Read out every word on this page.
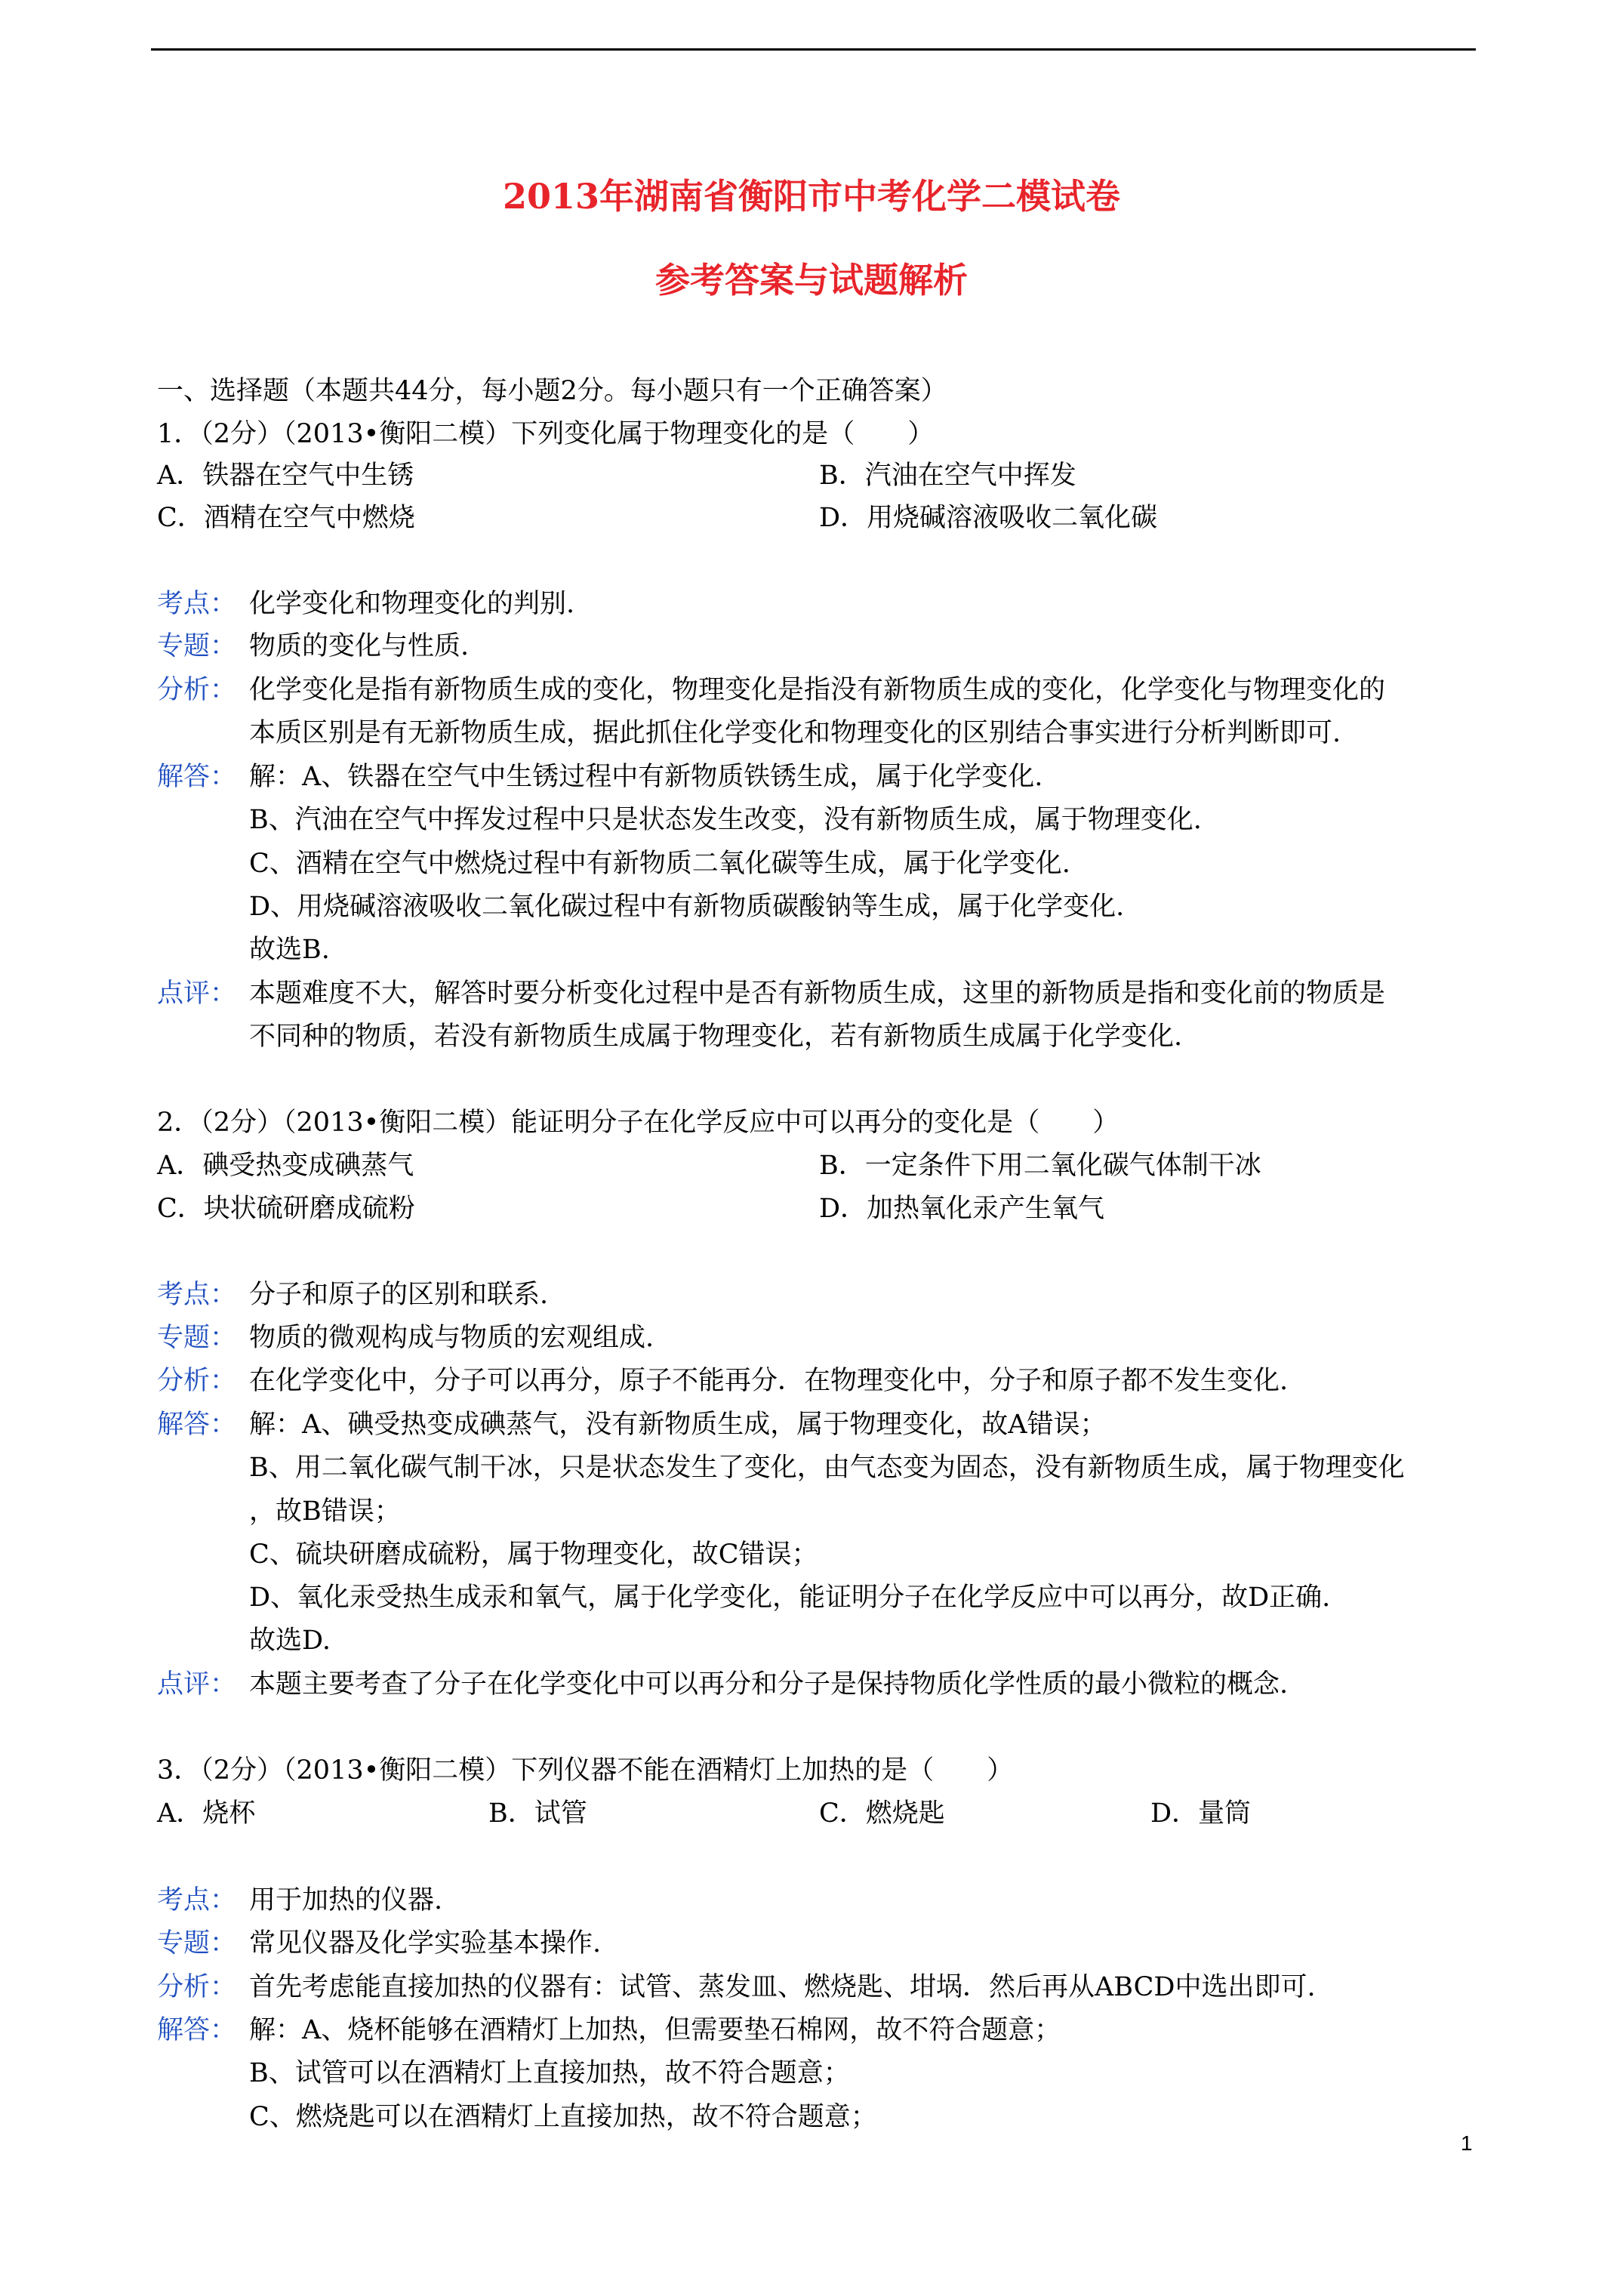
2013年湖南省衡阳市中考化学二模试卷
参考答案与试题解析
一、选择题（本题共44分，每小题2分。每小题只有一个正确答案）
1．（2分）（2013•衡阳二模）下列变化属于物理变化的是（　　）
A．铁器在空气中生锈	B．汽油在空气中挥发
C．酒精在空气中燃烧	D．用烧碱溶液吸收二氧化碳
考点： 化学变化和物理变化的判别.
专题： 物质的变化与性质.
分析： 化学变化是指有新物质生成的变化，物理变化是指没有新物质生成的变化，化学变化与物理变化的
本质区别是有无新物质生成，据此抓住化学变化和物理变化的区别结合事实进行分析判断即可.
解答： 解：A、铁器在空气中生锈过程中有新物质铁锈生成，属于化学变化.
B、汽油在空气中挥发过程中只是状态发生改变，没有新物质生成，属于物理变化.
C、酒精在空气中燃烧过程中有新物质二氧化碳等生成，属于化学变化.
D、用烧碱溶液吸收二氧化碳过程中有新物质碳酸钠等生成，属于化学变化.
故选B.
点评： 本题难度不大，解答时要分析变化过程中是否有新物质生成，这里的新物质是指和变化前的物质是
不同种的物质，若没有新物质生成属于物理变化，若有新物质生成属于化学变化.
2．（2分）（2013•衡阳二模）能证明分子在化学反应中可以再分的变化是（　　）
A．碘受热变成碘蒸气	B．一定条件下用二氧化碳气体制干冰
C．块状硫研磨成硫粉	D．加热氧化汞产生氧气
考点： 分子和原子的区别和联系.
专题： 物质的微观构成与物质的宏观组成.
分析： 在化学变化中，分子可以再分，原子不能再分．在物理变化中，分子和原子都不发生变化.
解答： 解：A、碘受热变成碘蒸气，没有新物质生成，属于物理变化，故A错误；
B、用二氧化碳气制干冰，只是状态发生了变化，由气态变为固态，没有新物质生成，属于物理变化
，故B错误；
C、硫块研磨成硫粉，属于物理变化，故C错误；
D、氧化汞受热生成汞和氧气，属于化学变化，能证明分子在化学反应中可以再分，故D正确.
故选D.
点评： 本题主要考查了分子在化学变化中可以再分和分子是保持物质化学性质的最小微粒的概念.
3．（2分）（2013•衡阳二模）下列仪器不能在酒精灯上加热的是（　　）
A．烧杯	B．试管	C．燃烧匙	D．量筒
考点： 用于加热的仪器.
专题： 常见仪器及化学实验基本操作.
分析： 首先考虑能直接加热的仪器有：试管、蒸发皿、燃烧匙、坩埚．然后再从ABCD中选出即可.
解答： 解：A、烧杯能够在酒精灯上加热，但需要垫石棉网，故不符合题意；
B、试管可以在酒精灯上直接加热，故不符合题意；
C、燃烧匙可以在酒精灯上直接加热，故不符合题意；
1
